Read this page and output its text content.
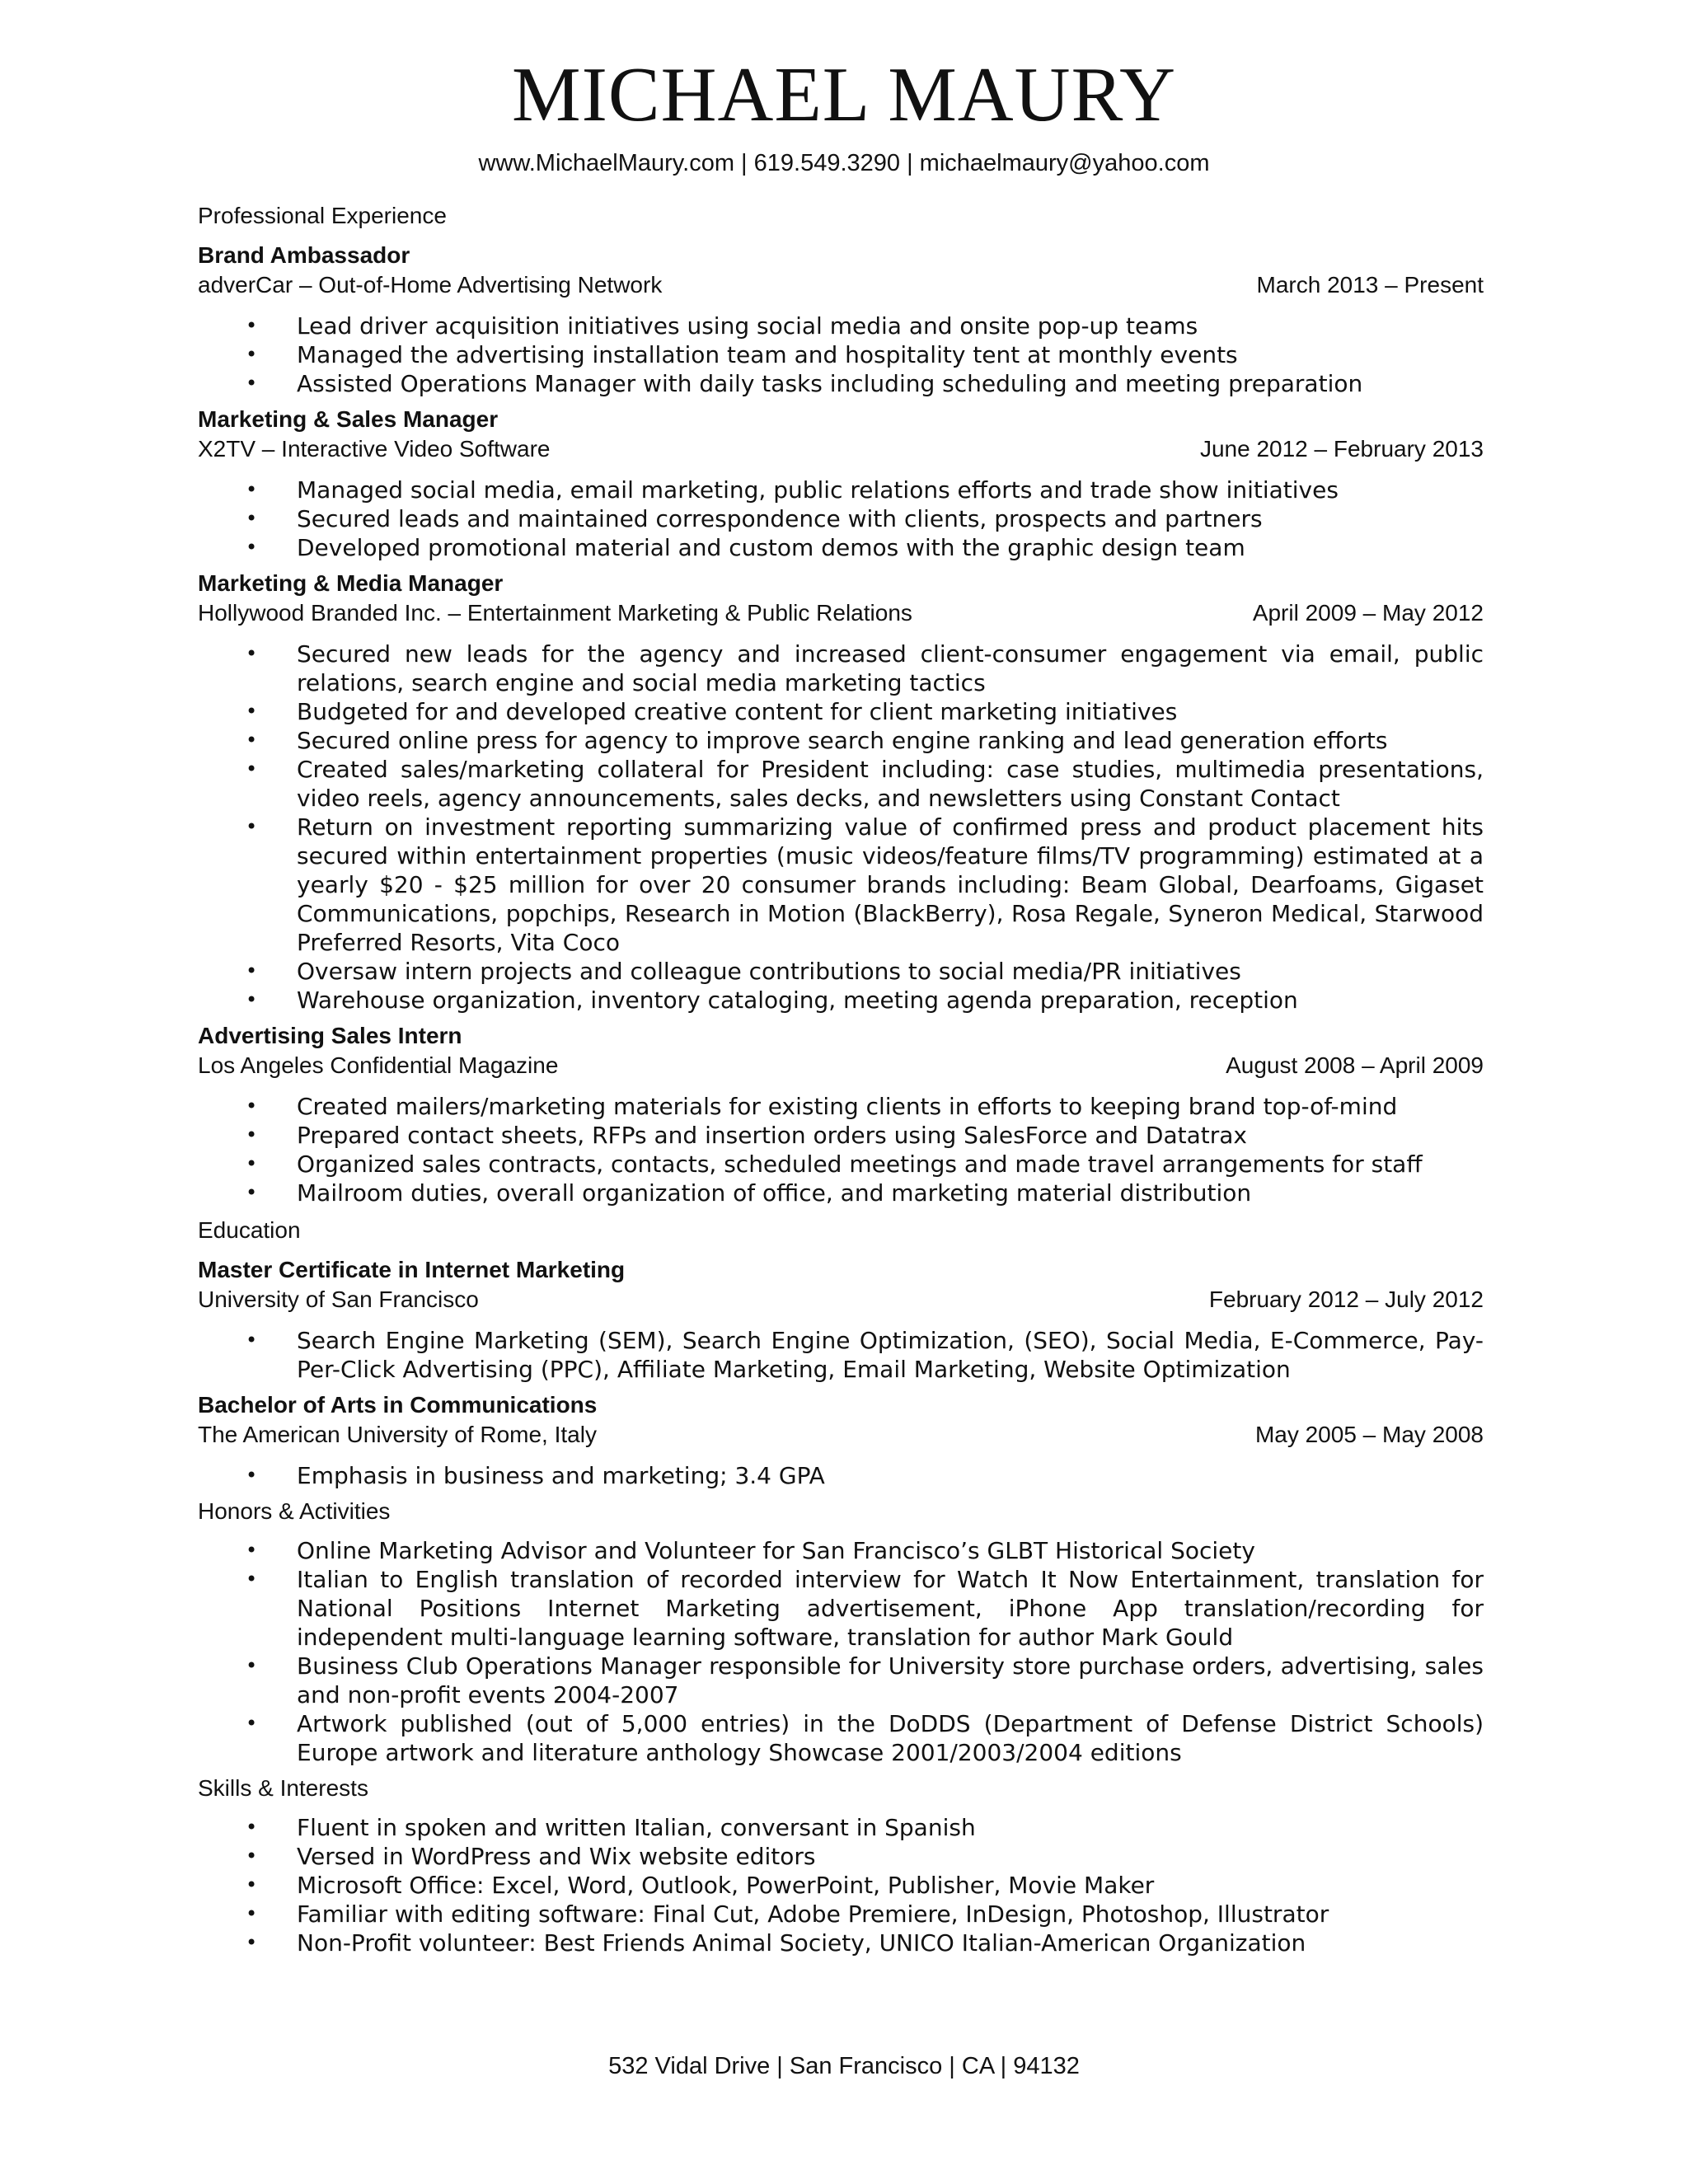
MICHAEL MAURY
www.MichaelMaury.com | 619.549.3290 | michaelmaury@yahoo.com
Professional Experience
Brand Ambassador
adverCar – Out-of-Home Advertising Network	March 2013 – Present
• Lead driver acquisition initiatives using social media and onsite pop-up teams
• Managed the advertising installation team and hospitality tent at monthly events
• Assisted Operations Manager with daily tasks including scheduling and meeting preparation
Marketing & Sales Manager
X2TV – Interactive Video Software	June 2012 – February 2013
• Managed social media, email marketing, public relations efforts and trade show initiatives
• Secured leads and maintained correspondence with clients, prospects and partners
• Developed promotional material and custom demos with the graphic design team
Marketing & Media Manager
Hollywood Branded Inc. – Entertainment Marketing & Public Relations	April 2009 – May 2012
• Secured new leads for the agency and increased client-consumer engagement via email, public relations, search engine and social media marketing tactics
• Budgeted for and developed creative content for client marketing initiatives
• Secured online press for agency to improve search engine ranking and lead generation efforts
• Created sales/marketing collateral for President including: case studies, multimedia presentations, video reels, agency announcements, sales decks, and newsletters using Constant Contact
• Return on investment reporting summarizing value of confirmed press and product placement hits secured within entertainment properties (music videos/feature films/TV programming) estimated at a yearly $20 - $25 million for over 20 consumer brands including: Beam Global, Dearfoams, Gigaset Communications, popchips, Research in Motion (BlackBerry), Rosa Regale, Syneron Medical, Starwood Preferred Resorts, Vita Coco
• Oversaw intern projects and colleague contributions to social media/PR initiatives
• Warehouse organization, inventory cataloging, meeting agenda preparation, reception
Advertising Sales Intern
Los Angeles Confidential Magazine	August 2008 – April 2009
• Created mailers/marketing materials for existing clients in efforts to keeping brand top-of-mind
• Prepared contact sheets, RFPs and insertion orders using SalesForce and Datatrax
• Organized sales contracts, contacts, scheduled meetings and made travel arrangements for staff
• Mailroom duties, overall organization of office, and marketing material distribution
Education
Master Certificate in Internet Marketing
University of San Francisco	February 2012 – July 2012
• Search Engine Marketing (SEM), Search Engine Optimization, (SEO), Social Media, E-Commerce, Pay-Per-Click Advertising (PPC), Affiliate Marketing, Email Marketing, Website Optimization
Bachelor of Arts in Communications
The American University of Rome, Italy	May 2005 – May 2008
• Emphasis in business and marketing; 3.4 GPA
Honors & Activities
• Online Marketing Advisor and Volunteer for San Francisco’s GLBT Historical Society
• Italian to English translation of recorded interview for Watch It Now Entertainment, translation for National Positions Internet Marketing advertisement, iPhone App translation/recording for independent multi-language learning software, translation for author Mark Gould
• Business Club Operations Manager responsible for University store purchase orders, advertising, sales and non-profit events 2004-2007
• Artwork published (out of 5,000 entries) in the DoDDS (Department of Defense District Schools) Europe artwork and literature anthology Showcase 2001/2003/2004 editions
Skills & Interests
• Fluent in spoken and written Italian, conversant in Spanish
• Versed in WordPress and Wix website editors
• Microsoft Office: Excel, Word, Outlook, PowerPoint, Publisher, Movie Maker
• Familiar with editing software: Final Cut, Adobe Premiere, InDesign, Photoshop, Illustrator
• Non-Profit volunteer: Best Friends Animal Society, UNICO Italian-American Organization
532 Vidal Drive | San Francisco | CA | 94132
